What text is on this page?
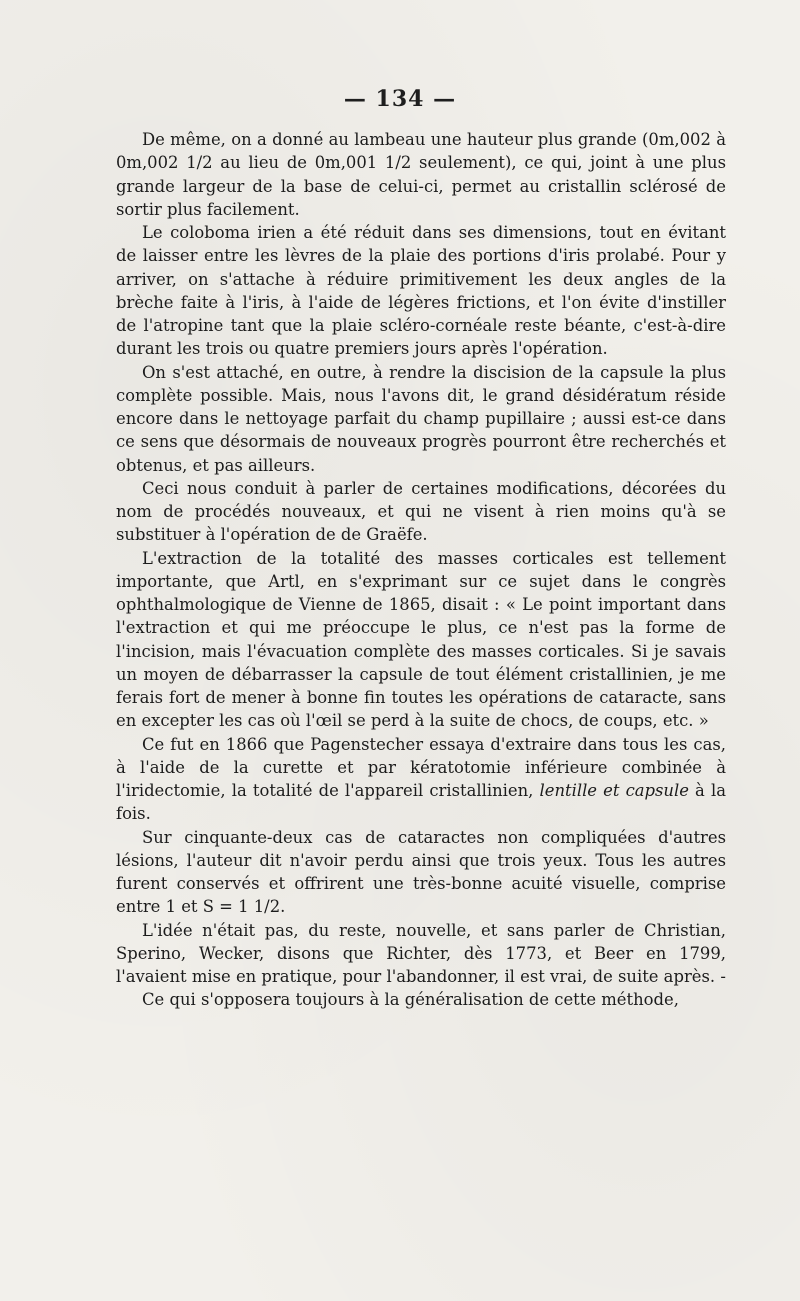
— 134 —

De même, on a donné au lambeau une hauteur plus grande (0m,002 à 0m,002 1/2 au lieu de 0m,001 1/2 seulement), ce qui, joint à une plus grande largeur de la base de celui-ci, permet au cristallin sclérosé de sortir plus facilement.

Le coloboma irien a été réduit dans ses dimensions, tout en évitant de laisser entre les lèvres de la plaie des portions d'iris prolabé. Pour y arriver, on s'attache à réduire primitivement les deux angles de la brèche faite à l'iris, à l'aide de légères frictions, et l'on évite d'instiller de l'atropine tant que la plaie scléro-cornéale reste béante, c'est-à-dire durant les trois ou quatre premiers jours après l'opération.

On s'est attaché, en outre, à rendre la discision de la capsule la plus complète possible. Mais, nous l'avons dit, le grand désidératum réside encore dans le nettoyage parfait du champ pupillaire ; aussi est-ce dans ce sens que désormais de nouveaux progrès pourront être recherchés et obtenus, et pas ailleurs.

Ceci nous conduit à parler de certaines modifications, décorées du nom de procédés nouveaux, et qui ne visent à rien moins qu'à se substituer à l'opération de de Graëfe.

L'extraction de la totalité des masses corticales est tellement importante, que Artl, en s'exprimant sur ce sujet dans le congrès ophthalmologique de Vienne de 1865, disait : « Le point important dans l'extraction et qui me préoccupe le plus, ce n'est pas la forme de l'incision, mais l'évacuation complète des masses corticales. Si je savais un moyen de débarrasser la capsule de tout élément cristallinien, je me ferais fort de mener à bonne fin toutes les opérations de cataracte, sans en excepter les cas où l'œil se perd à la suite de chocs, de coups, etc. »

Ce fut en 1866 que Pagenstecher essaya d'extraire dans tous les cas, à l'aide de la curette et par kératotomie inférieure combinée à l'iridectomie, la totalité de l'appareil cristallinien, lentille et capsule à la fois.

Sur cinquante-deux cas de cataractes non compliquées d'autres lésions, l'auteur dit n'avoir perdu ainsi que trois yeux. Tous les autres furent conservés et offrirent une très-bonne acuité visuelle, comprise entre 1 et S = 1 1/2.

L'idée n'était pas, du reste, nouvelle, et sans parler de Christian, Sperino, Wecker, disons que Richter, dès 1773, et Beer en 1799, l'avaient mise en pratique, pour l'abandonner, il est vrai, de suite après. -

Ce qui s'opposera toujours à la généralisation de cette méthode,
